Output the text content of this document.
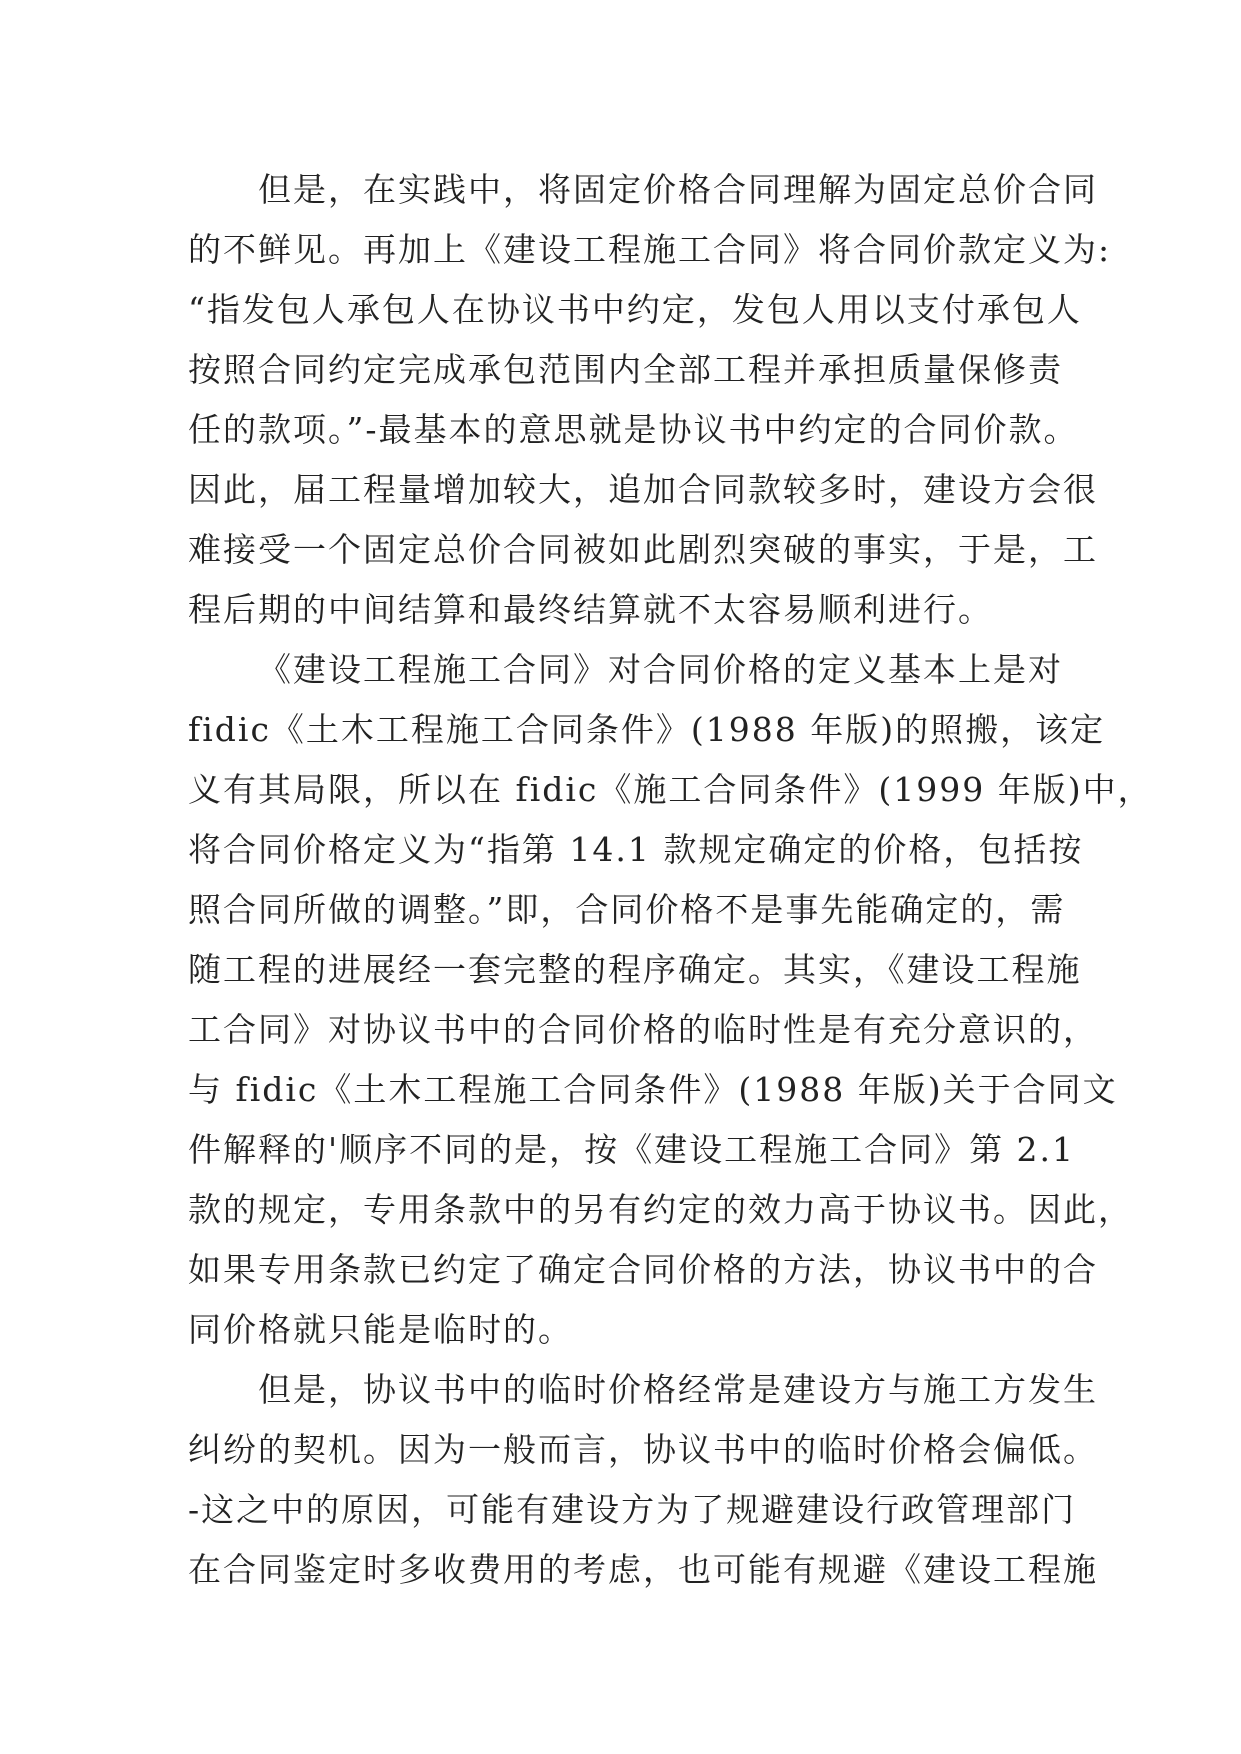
但是，在实践中，将固定价格合同理解为固定总价合同
的不鲜见。再加上《建设工程施工合同》将合同价款定义为:
“指发包人承包人在协议书中约定，发包人用以支付承包人
按照合同约定完成承包范围内全部工程并承担质量保修责
任的款项。”-最基本的意思就是协议书中约定的合同价款。
因此，届工程量增加较大，追加合同款较多时，建设方会很
难接受一个固定总价合同被如此剧烈突破的事实，于是，工
程后期的中间结算和最终结算就不太容易顺利进行。
《建设工程施工合同》对合同价格的定义基本上是对
fidic《土木工程施工合同条件》(1988 年版)的照搬，该定
义有其局限，所以在 fidic《施工合同条件》(1999 年版)中，
将合同价格定义为“指第 14.1 款规定确定的价格，包括按
照合同所做的调整。”即，合同价格不是事先能确定的，需
随工程的进展经一套完整的程序确定。其实，《建设工程施
工合同》对协议书中的合同价格的临时性是有充分意识的，
与 fidic《土木工程施工合同条件》(1988 年版)关于合同文
件解释的'顺序不同的是，按《建设工程施工合同》第 2.1
款的规定，专用条款中的另有约定的效力高于协议书。因此，
如果专用条款已约定了确定合同价格的方法，协议书中的合
同价格就只能是临时的。
但是，协议书中的临时价格经常是建设方与施工方发生
纠纷的契机。因为一般而言，协议书中的临时价格会偏低。
-这之中的原因，可能有建设方为了规避建设行政管理部门
在合同鉴定时多收费用的考虑，也可能有规避《建设工程施
